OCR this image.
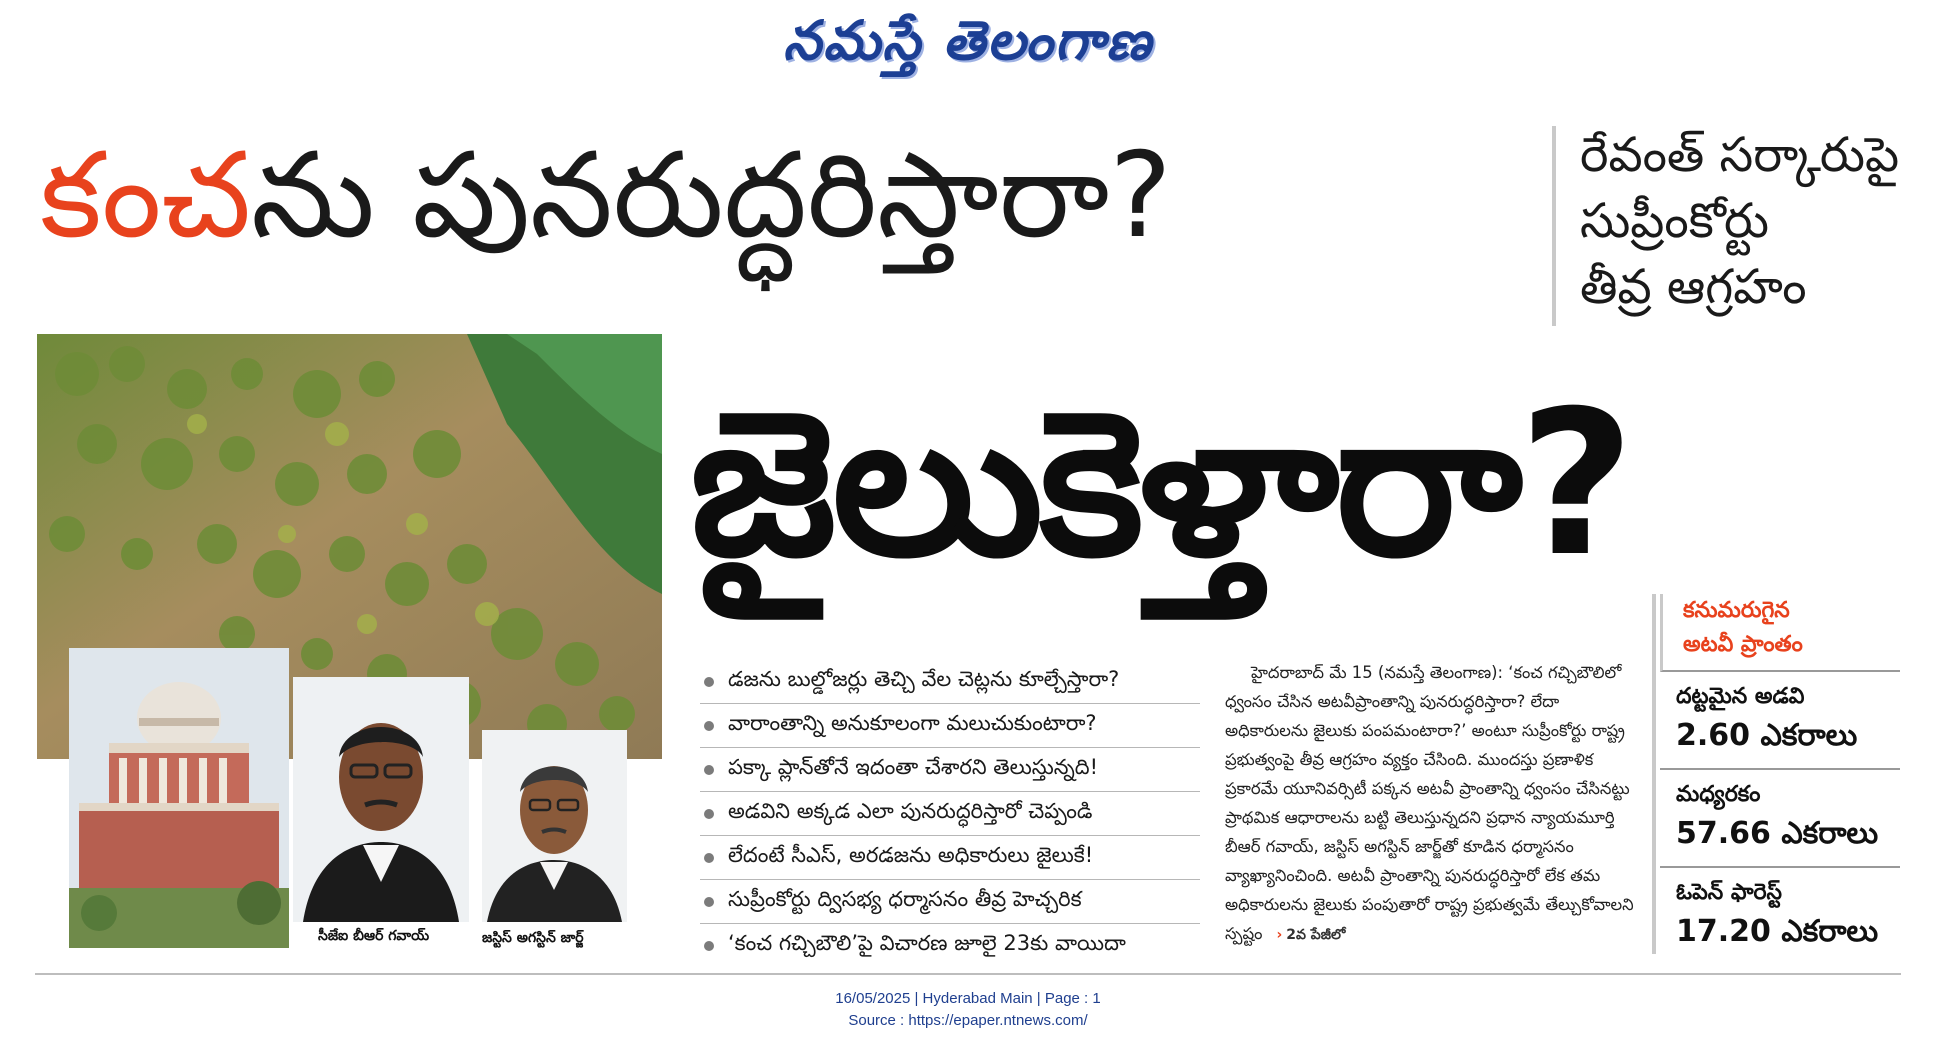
నమస్తే తెలంగాణ
కంచను పునరుద్ధరిస్తారా?	రేవంత్ సర్కారుపై
సుప్రీంకోర్టు
తీవ్ర ఆగ్రహం
జైలుకెళ్తారా?
సీజేఐ బీఆర్ గవాయ్	జస్టిస్ అగస్టిన్ జార్జ్
డజను బుల్డోజర్లు తెచ్చి వేల చెట్లను కూల్చేస్తారా?
వారాంతాన్ని అనుకూలంగా మలుచుకుంటారా?
పక్కా ప్లాన్‌తోనే ఇదంతా చేశారని తెలుస్తున్నది!
అడవిని అక్కడ ఎలా పునరుద్ధరిస్తారో చెప్పండి
లేదంటే సీఎస్, అరడజను అధికారులు జైలుకే!
సుప్రీంకోర్టు ద్విసభ్య ధర్మాసనం తీవ్ర హెచ్చరిక
‘కంచ గచ్చిబౌలి’పై విచారణ జూలై 23కు వాయిదా

హైదరాబాద్ మే 15 (నమస్తే తెలంగాణ): ‘కంచ గచ్చిబౌలిలో ధ్వంసం చేసిన అటవీప్రాంతాన్ని పునరుద్ధరిస్తారా? లేదా అధికారులను జైలుకు పంపమంటారా?’ అంటూ సుప్రీంకోర్టు రాష్ట్ర ప్రభుత్వంపై తీవ్ర ఆగ్రహం వ్యక్తం చేసింది. ముందస్తు ప్రణాళిక ప్రకారమే యూనివర్సిటీ పక్కన అటవీ ప్రాంతాన్ని ధ్వంసం చేసినట్టు ప్రాథమిక ఆధారాలను బట్టి తెలుస్తున్నదని ప్రధాన న్యాయమూర్తి బీఆర్ గవాయ్, జస్టిస్ అగస్టిన్ జార్జ్‌తో కూడిన ధర్మాసనం వ్యాఖ్యానించింది. అటవీ ప్రాంతాన్ని పునరుద్ధరిస్తారో లేక తమ అధికారులను జైలుకు పంపుతారో రాష్ట్ర ప్రభుత్వమే తేల్చుకోవాలని స్పష్టం › 2వ పేజీలో

కనుమరుగైన
అటవీ ప్రాంతం
దట్టమైన అడవి
2.60 ఎకరాలు
మధ్యరకం
57.66 ఎకరాలు
ఓపెన్ ఫారెస్ట్
17.20 ఎకరాలు
16/05/2025 | Hyderabad Main | Page : 1
Source : https://epaper.ntnews.com/
